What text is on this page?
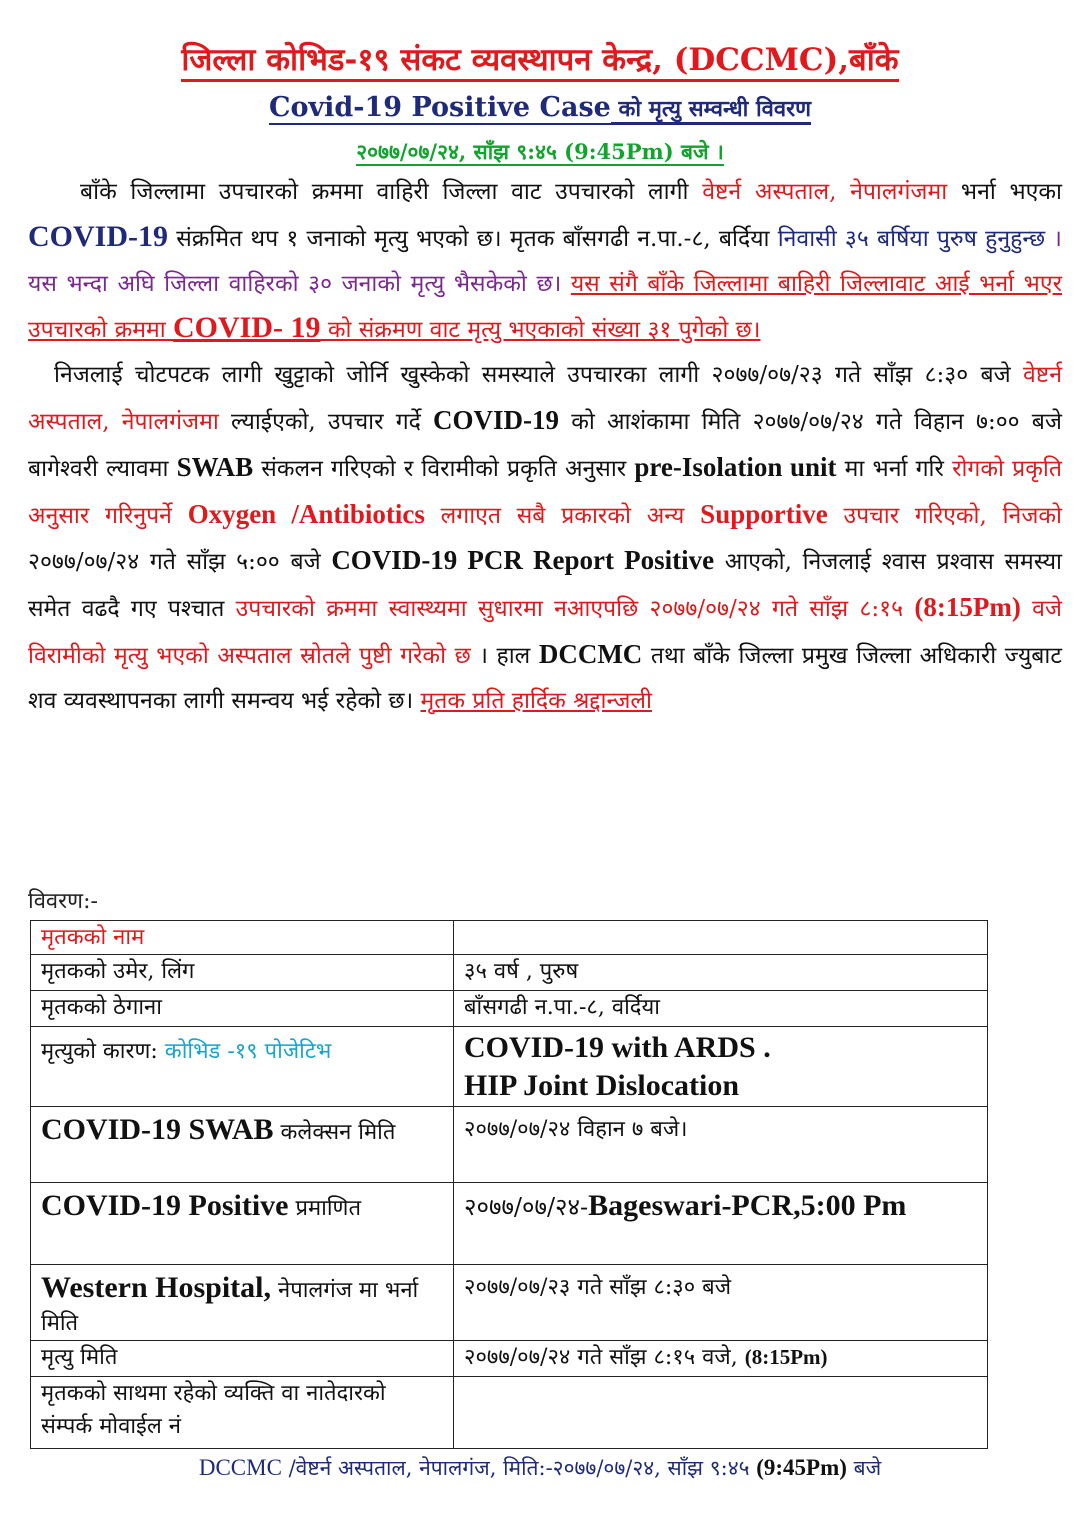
जिल्ला कोभिड-१९ संकट व्यवस्थापन केन्द्र, (DCCMC),बाँके
Covid-19 Positive Case को मृत्यु सम्वन्धी विवरण
२०७७/०७/२४, साँझ ९:४५ (9:45Pm) बजे ।

बाँके जिल्लामा उपचारको क्रममा वाहिरी जिल्ला वाट उपचारको लागी वेष्टर्न अस्पताल, नेपालगंजमा भर्ना भएका COVID-19 संक्रमित थप १ जनाको मृत्यु भएको छ। मृतक बाँसगढी न.पा.-८, बर्दिया निवासी ३५ बर्षिया पुरुष हुनुहुन्छ । यस भन्दा अघि जिल्ला वाहिरको ३० जनाको मृत्यु भैसकेको छ। यस संगै बाँके जिल्लामा बाहिरी जिल्लावाट आई भर्ना भएर उपचारको क्रममा COVID- 19 को संक्रमण वाट मृत्यु भएकाको संख्या ३१ पुगेको छ।

निजलाई चोटपटक लागी खुट्टाको जोर्नि खुस्केको समस्याले उपचारका लागी २०७७/०७/२३ गते साँझ ८:३० बजे वेष्टर्न अस्पताल, नेपालगंजमा ल्याईएको, उपचार गर्दे COVID-19 को आशंकामा मिति २०७७/०७/२४ गते विहान ७:०० बजे बागेश्वरी ल्यावमा SWAB संकलन गरिएको र विरामीको प्रकृति अनुसार pre-Isolation unit मा भर्ना गरि रोगको प्रकृति अनुसार गरिनुपर्ने Oxygen /Antibiotics लगाएत सबै प्रकारको अन्य Supportive उपचार गरिएको, निजको २०७७/०७/२४ गते साँझ ५:०० बजे COVID-19 PCR Report Positive आएको, निजलाई श्वास प्रश्वास समस्या समेत वढदै गए पश्चात उपचारको क्रममा स्वास्थ्यमा सुधारमा नआएपछि २०७७/०७/२४ गते साँझ ८:१५ (8:15Pm) वजे विरामीको मृत्यु भएको अस्पताल स्रोतले पुष्टी गरेको छ । हाल DCCMC तथा बाँके जिल्ला प्रमुख जिल्ला अधिकारी ज्युबाट शव व्यवस्थापनका लागी समन्वय भई रहेको छ। मृतक प्रति हार्दिक श्रद्दान्जली

विवरण:-
मृतकको नाम	
मृतकको उमेर, लिंग	३५ वर्ष , पुरुष
मृतकको ठेगाना	बाँसगढी न.पा.-८, वर्दिया
मृत्युको कारण: कोभिड -१९ पोजेटिभ	COVID-19 with ARDS .
HIP Joint Dislocation

COVID-19 SWAB कलेक्सन मिति	२०७७/०७/२४ विहान ७ बजे।
COVID-19 Positive प्रमाणित	२०७७/०७/२४-Bageswari-PCR,5:00 Pm
Western Hospital, नेपालगंज मा भर्ना मिति	२०७७/०७/२३ गते साँझ ८:३० बजे
मृत्यु मिति	२०७७/०७/२४ गते साँझ ८:१५ वजे, (8:15Pm)
मृतकको साथमा रहेको व्यक्ति वा नातेदारको संम्पर्क मोवाईल नं	
DCCMC /वेष्टर्न अस्पताल, नेपालगंज, मिति:-२०७७/०७/२४, साँझ ९:४५ (9:45Pm) बजे
